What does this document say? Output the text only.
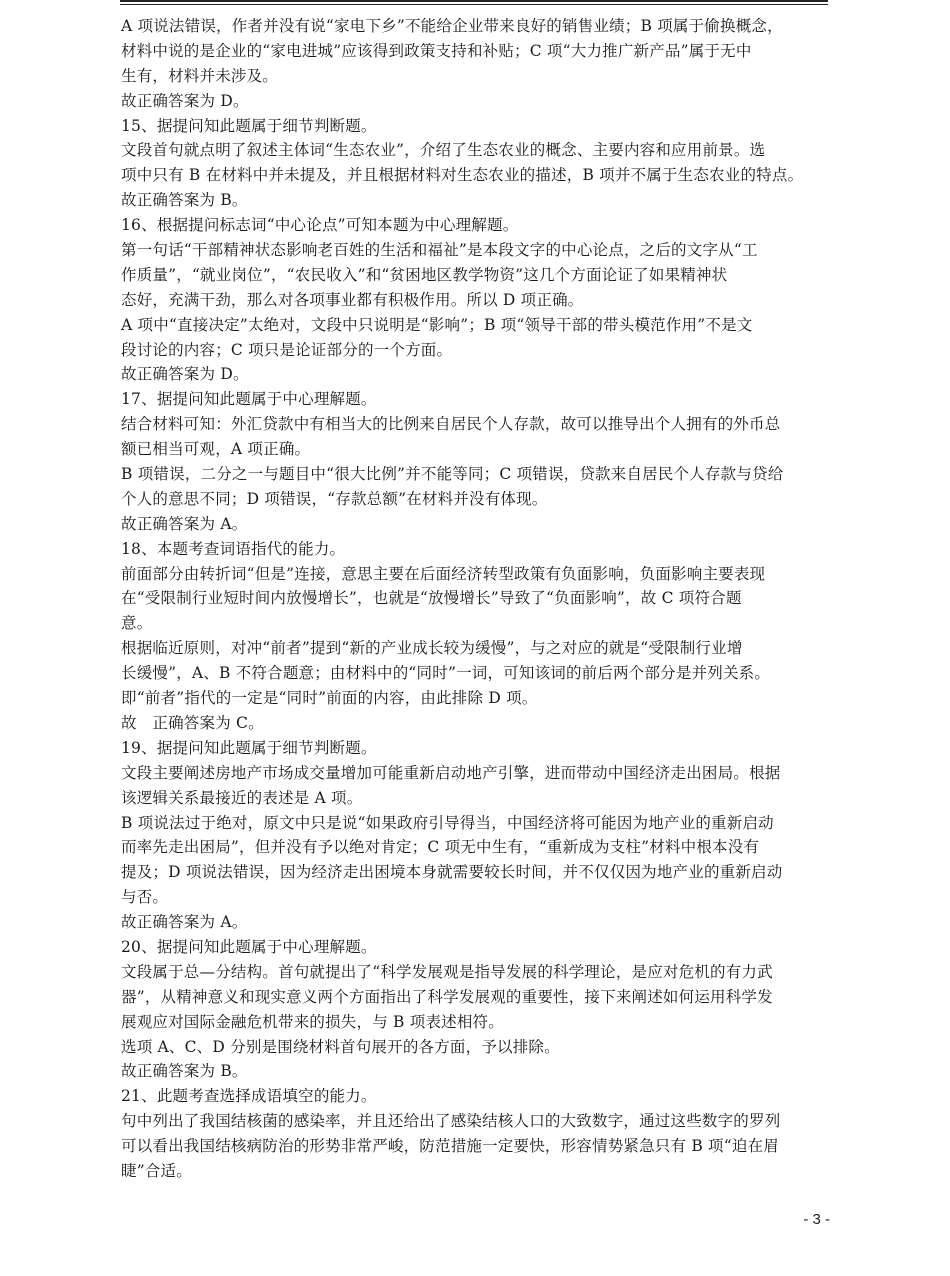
A 项说法错误，作者并没有说“家电下乡”不能给企业带来良好的销售业绩；B 项属于偷换概念，
材料中说的是企业的“家电进城”应该得到政策支持和补贴；C 项“大力推广新产品”属于无中
生有，材料并未涉及。
故正确答案为 D。
15、据提问知此题属于细节判断题。
文段首句就点明了叙述主体词“生态农业”，介绍了生态农业的概念、主要内容和应用前景。选
项中只有 B 在材料中并未提及，并且根据材料对生态农业的描述，B 项并不属于生态农业的特点。
故正确答案为 B。
16、根据提问标志词“中心论点”可知本题为中心理解题。
第一句话“干部精神状态影响老百姓的生活和福祉”是本段文字的中心论点，之后的文字从“工
作质量”，“就业岗位”，“农民收入”和“贫困地区教学物资”这几个方面论证了如果精神状
态好，充满干劲，那么对各项事业都有积极作用。所以 D 项正确。
A 项中“直接决定”太绝对，文段中只说明是“影响”；B 项“领导干部的带头模范作用”不是文
段讨论的内容；C 项只是论证部分的一个方面。
故正确答案为 D。
17、据提问知此题属于中心理解题。
结合材料可知：外汇贷款中有相当大的比例来自居民个人存款，故可以推导出个人拥有的外币总
额已相当可观，A 项正确。
B 项错误，二分之一与题目中“很大比例”并不能等同；C 项错误，贷款来自居民个人存款与贷给
个人的意思不同；D 项错误，“存款总额”在材料并没有体现。
故正确答案为 A。
18、本题考查词语指代的能力。
前面部分由转折词“但是”连接，意思主要在后面经济转型政策有负面影响，负面影响主要表现
在“受限制行业短时间内放慢增长”，也就是“放慢增长”导致了“负面影响”，故 C 项符合题
意。
根据临近原则，对冲“前者”提到“新的产业成长较为缓慢”，与之对应的就是“受限制行业增
长缓慢”，A、B 不符合题意；由材料中的“同时”一词，可知该词的前后两个部分是并列关系。
即“前者”指代的一定是“同时”前面的内容，由此排除 D 项。
故　正确答案为 C。
19、据提问知此题属于细节判断题。
文段主要阐述房地产市场成交量增加可能重新启动地产引擎，进而带动中国经济走出困局。根据
该逻辑关系最接近的表述是 A 项。
B 项说法过于绝对，原文中只是说“如果政府引导得当，中国经济将可能因为地产业的重新启动
而率先走出困局”，但并没有予以绝对肯定；C 项无中生有，“重新成为支柱”材料中根本没有
提及；D 项说法错误，因为经济走出困境本身就需要较长时间，并不仅仅因为地产业的重新启动
与否。
故正确答案为 A。
20、据提问知此题属于中心理解题。
文段属于总—分结构。首句就提出了“科学发展观是指导发展的科学理论，是应对危机的有力武
器”，从精神意义和现实意义两个方面指出了科学发展观的重要性，接下来阐述如何运用科学发
展观应对国际金融危机带来的损失，与 B 项表述相符。
选项 A、C、D 分别是围绕材料首句展开的各方面，予以排除。
故正确答案为 B。
21、此题考查选择成语填空的能力。
句中列出了我国结核菌的感染率，并且还给出了感染结核人口的大致数字，通过这些数字的罗列
可以看出我国结核病防治的形势非常严峻，防范措施一定要快，形容情势紧急只有 B 项“迫在眉
睫”合适。
- 3 -
